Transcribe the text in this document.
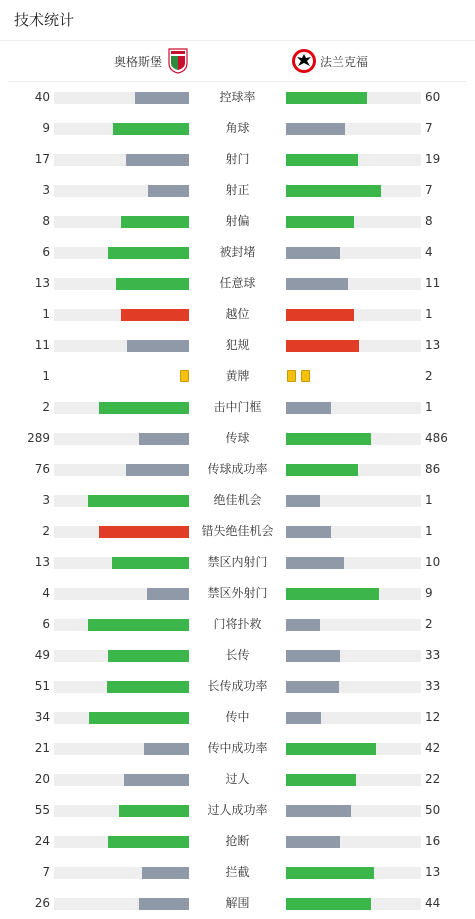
技术统计
奥格斯堡	法兰克福
40	控球率	60
9	角球	7
17	射门	19
3	射正	7
8	射偏	8
6	被封堵	4
13	任意球	11
1	越位	1
11	犯规	13
1	黄牌	2
2	击中门框	1
289	传球	486
76	传球成功率	86
3	绝佳机会	1
2	错失绝佳机会	1
13	禁区内射门	10
4	禁区外射门	9
6	门将扑救	2
49	长传	33
51	长传成功率	33
34	传中	12
21	传中成功率	42
20	过人	22
55	过人成功率	50
24	抢断	16
7	拦截	13
26	解围	44
